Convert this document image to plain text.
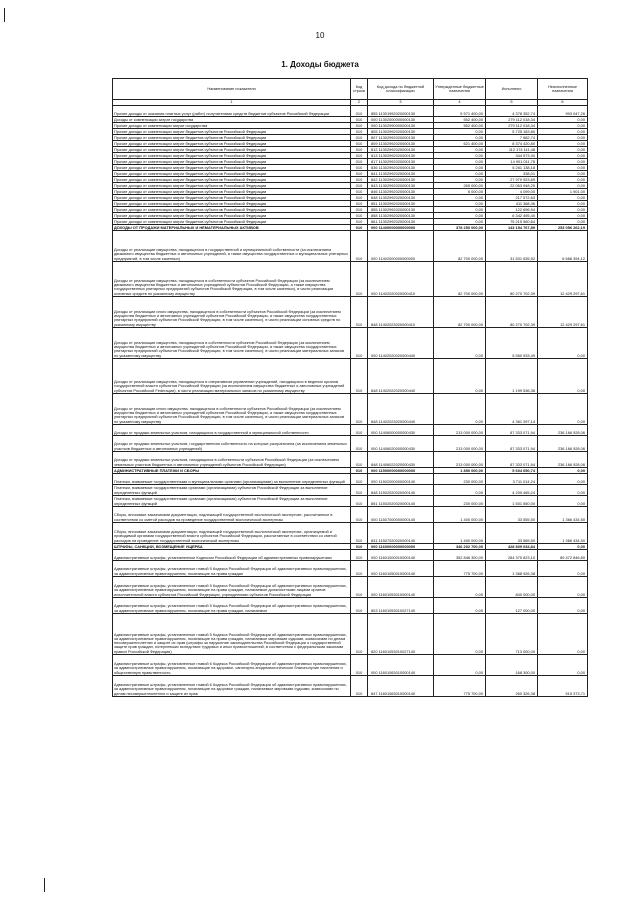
10
1. Доходы бюджета
Наименование показателя	Код строки	Код дохода по бюджетной классификации	Утвержденные бюджетные назначения	Исполнено	Неисполненные назначения
1	2	3	4	5	6
Прочие доходы от оказания платных услуг (работ) получателями средств бюджетов субъектов Российской Федерации	010	855 11301992020000130	5 571 400,00	4 378 352,74	993 047,26
Доходы от компенсации затрат государства	010	000 11302000000000130	552 400,00	279 112 018,34	0,00
Прочие доходы от компенсации затрат государства	010	000 11302990000000130	552 400,00	279 112 018,34	0,00
Прочие доходы от компенсации затрат бюджетов субъектов Российской Федерации	010	805 11302992020000130	0,00	5 725 183,80	0,00
Прочие доходы от компенсации затрат бюджетов субъектов Российской Федерации	010	807 11302992020000130	0,00	7 682,74	0,00
Прочие доходы от компенсации затрат бюджетов субъектов Российской Федерации	010	809 11302992020000130	621 400,00	8 374 420,80	0,00
Прочие доходы от компенсации затрат бюджетов субъектов Российской Федерации	010	812 11302992020000130	0,00	112 174 111,48	0,00
Прочие доходы от компенсации затрат бюджетов субъектов Российской Федерации	010	813 11302992020000130	0,00	344 573,30	0,00
Прочие доходы от компенсации затрат бюджетов субъектов Российской Федерации	010	817 11302992020000130	0,00	14 901 011,78	0,00
Прочие доходы от компенсации затрат бюджетов субъектов Российской Федерации	010	836 11302992020000130	0,00	5 261 138,18	0,00
Прочие доходы от компенсации затрат бюджетов субъектов Российской Федерации	010	841 11302992020000130	0,00	338,01	0,00
Прочие доходы от компенсации затрат бюджетов субъектов Российской Федерации	010	842 11302992020000130	0,00	27 970 923,69	0,00
Прочие доходы от компенсации затрат бюджетов субъектов Российской Федерации	010	843 11302992020000130	265 000,00	22 063 948,25	0,00
Прочие доходы от компенсации затрат бюджетов субъектов Российской Федерации	010	846 11302992020000130	6 000,00	4 099,00	1 901,00
Прочие доходы от компенсации затрат бюджетов субъектов Российской Федерации	010	848 11302992020000130	0,00	217 572,63	0,00
Прочие доходы от компенсации затрат бюджетов субъектов Российской Федерации	010	851 11302992020000130	0,00	411 368,36	0,00
Прочие доходы от компенсации затрат бюджетов субъектов Российской Федерации	010	855 11302992020000130	0,00	122 696,94	0,00
Прочие доходы от компенсации затрат бюджетов субъектов Российской Федерации	010	858 11302992020000130	0,00	6 342 495,40	0,00
Прочие доходы от компенсации затрат бюджетов субъектов Российской Федерации	010	861 11302992020000130	0,00	75 215 560,64	0,00
ДОХОДЫ ОТ ПРОДАЖИ МАТЕРИАЛЬНЫХ И НЕМАТЕРИАЛЬНЫХ АКТИВОВ	010	000 11400000000000000	378 250 000,00	143 154 767,89	253 056 262,19
Доходы от реализации имущества, находящегося в государственной и муниципальной собственности (за исключением движимого имущества бюджетных и автономных учреждений, а также имущества государственных и муниципальных унитарных предприятий, в том числе казенных)	010	000 11402000000000000	82 700 000,00	31 531 635,52	6 668 394,12
Доходы от реализации имущества, находящегося в собственности субъектов Российской Федерации (за исключением движимого имущества бюджетных и автономных учреждений субъектов Российской Федерации, а также имущества государственных унитарных предприятий субъектов Российской Федерации, в том числе казенных), в части реализации основных средств по указанному имуществу	010	000 11402020020000410	82 700 000,00	80 270 702,39	12 429 297,61
Доходы от реализации иного имущества, находящегося в собственности субъектов Российской Федерации (за исключением имущества бюджетных и автономных учреждений субъектов Российской Федерации, а также имущества государственных унитарных предприятий субъектов Российской Федерации, в том числе казенных), в части реализации основных средств по указанному имуществу	010	848 11402023020000410	82 700 000,00	80 270 702,39	12 429 297,61
Доходы от реализации имущества, находящегося в собственности субъектов Российской Федерации (за исключением имущества бюджетных и автономных учреждений субъектов Российской Федерации, а также имущества государственных унитарных предприятий субъектов Российской Федерации, в том числе казенных), в части реализации материальных запасов по указанному имуществу	010	000 11402020020000440	0,00	5 560 933,49	0,00
Доходы от реализации имущества, находящегося в оперативном управлении учреждений, находящихся в ведении органов государственной власти субъектов Российской Федерации (за исключением имущества бюджетных и автономных учреждений субъектов Российской Federации), в части реализации материальных запасов по указанному имуществу	010	848 11402022020000440	0,00	1 199 536,36	0,00
Доходы от реализации иного имущества, находящегося в собственности субъектов Российской Федерации (за исключением имущества бюджетных и автономных учреждений субъектов Российской Федерации, а также имущества государственных унитарных предприятий субъектов Российской Федерации, в том числе казенных), в части реализации материальных запасов по указанному имуществу	010	848 11402023020000440	0,00	4 361 397,14	0,00
Доходы от продажи земельных участков, находящихся в государственной и муниципальной собственности	010	000 11406000000000430	213 000 000,00	87 333 071,94	236 166 928,06
Доходы от продажи земельных участков, государственная собственность на которые разграничена (за исключением земельных участков бюджетных и автономных учреждений)	010	000 11406020000000430	213 000 000,00	87 333 071,94	236 166 928,06
Доходы от продажи земельных участков, находящихся в собственности субъектов Российской Федерации (за исключением земельных участков бюджетных и автономных учреждений субъектов Российской Федерации)	010	848 11406022020000430	213 000 000,00	87 333 071,94	236 166 928,06
АДМИНИСТРАТИВНЫЕ ПЛАТЕЖИ И СБОРЫ	010	000 11500000000000000	1 850 000,00	5 604 650,74	0,00
Платежи, взимаемые государственными и муниципальными органами (организациями) за выполнение определенных функций	010	000 11502000000000140	230 000,00	3 711 014,24	0,00
Платежи, взимаемые государственными органами (организациями) субъектов Российской Федерации за выполнение определенных функций	010	848 11502020020000140	0,00	4 209 465,24	0,00
Платежи, взимаемые государственными органами (организациями) субъектов Российской Федерации за выполнение определенных функций	010	851 11502020020000140	230 000,00	1 501 550,00	0,00
Сборы, вносимые заказчиками документации, подлежащей государственной экологической экспертизе, рассчитанные в соответствии со сметой расходов на проведение государственной экологической экспертизы	010	000 11507000000000140	1 400 000,00	33 555,50	1 366 434,50
Сборы, вносимые заказчиками документации, подлежащей государственной экологической экспертизе, организуемой и проводимой органами государственной власти субъектов Российской Федерации, рассчитанные в соответствии со сметой расходов на проведение государственной экологической экспертизы	010	831 11507020020000140	1 400 000,00	33 565,50	1 366 434,50
ШТРАФЫ, САНКЦИИ, ВОЗМЕЩЕНИЕ УЩЕРБА	010	000 11600000000000000	346 202 700,00	428 809 034,84	0,00
Административные штрафы, установленные Кодексом Российской Федерации об административных правонарушениях	010	000 11601000010000140	352 846 300,00	284 375 823,10	89 472 846,80
Административные штрафы, установленные главой 5 Кодекса Российской Федерации об административных правонарушениях, за административные правонарушения, посягающие на права граждан	010	000 11601050010000140	775 700,00	1 368 926,38	0,00
Административные штрафы, установленные главой 5 Кодекса Российской Федерации об административных правонарушениях, за административные правонарушения, посягающие на права граждан, налагаемые должностными лицами органов исполнительной власти субъектов Российской Федерации, учреждениями субъектов Российской Федерации	010	000 11601053010000140	0,00	840 000,00	0,00
Административные штрафы, установленные главой 5 Кодекса Российской Федерации об административных правонарушениях, за административные правонарушения, посягающие на права граждан, налагаемые	010	803 11601053010027140	0,00	127 000,00	0,00
Административные штрафы, установленные главой 5 Кодекса Российской Федерации об административных правонарушениях, за административные правонарушения, посягающие на права граждан, налагаемые мировыми судьями, комиссиями по делам несовершеннолетних и защите их прав (штрафы за нарушение законодательства Российской Федерации о государственной защите прав граждан, потерпевших вследствие трудовых и иных правоотношений, в соответствии с федеральными законами правил Российской Федерации)	010	820 11601053010027140	0,00	713 000,00	0,00
Административные штрафы, установленные главой 6 Кодекса Российской Федерации об административных правонарушениях, за административные правонарушения, посягающие на здоровье, санитарно-эпидемиологическое благополучие населения и общественную нравственность	010	000 11601063010000140	0,00	168 300,00	0,00
Административные штрафы, установленные главой 6 Кодекса Российской Федерации об административных правонарушениях, за административные правонарушения, посягающие на здоровье граждан, налагаемые мировыми судьями, комиссиями по делам несовершеннолетних и защите их прав	010	847 11601063010000140	775 700,00	260 326,38	515 373,71
